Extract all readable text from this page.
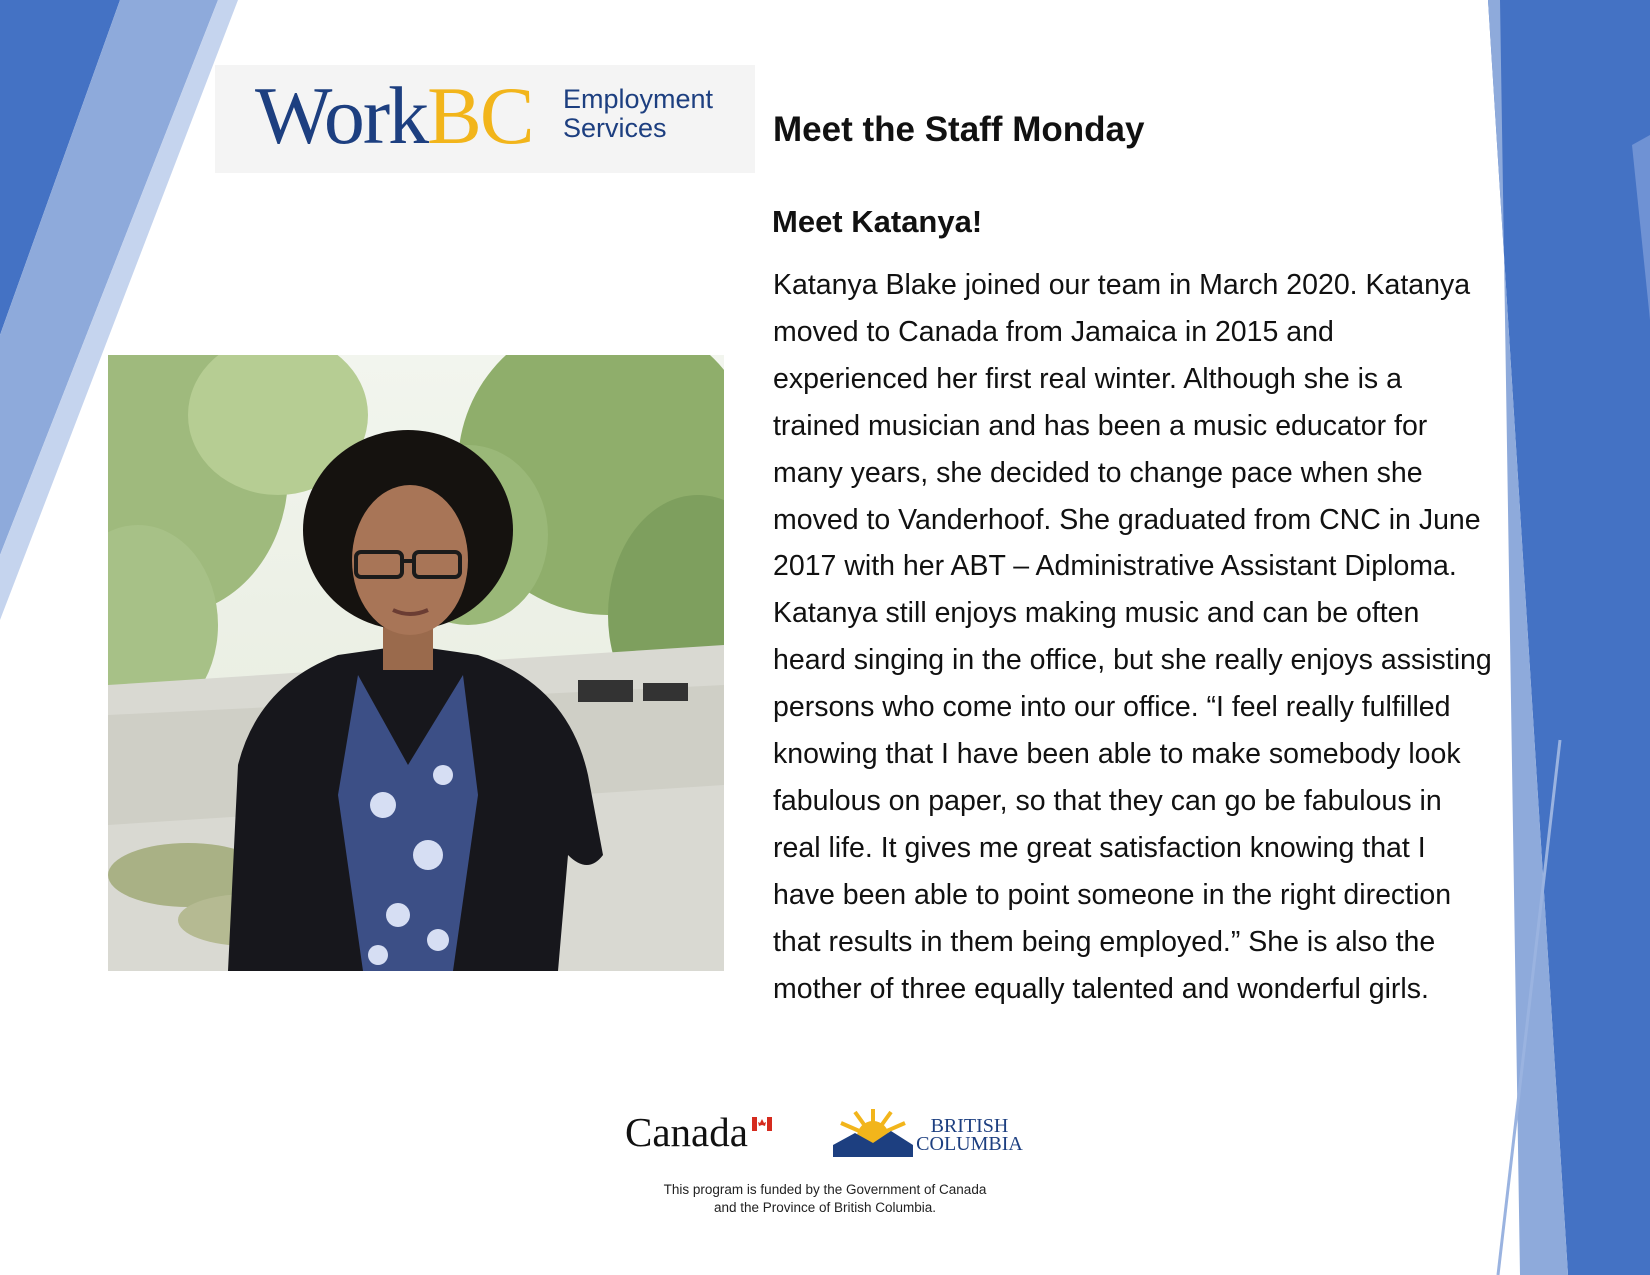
WorkBC Employment
Services	Meet the Staff Monday
Meet Katanya!

Katanya Blake joined our team in March 2020. Katanya moved to Canada from Jamaica in 2015 and experienced her first real winter. Although she is a trained musician and has been a music educator for many years, she decided to change pace when she moved to Vanderhoof. She graduated from CNC in June 2017 with her ABT – Administrative Assistant Diploma. Katanya still enjoys making music and can be often heard singing in the office, but she really enjoys assisting persons who come into our office. “I feel really fulfilled knowing that I have been able to make somebody look fabulous on paper, so that they can go be fabulous in real life. It gives me great satisfaction knowing that I have been able to point someone in the right direction that results in them being employed.” She is also the mother of three equally talented and wonderful girls.

Canada	BRITISH
COLUMBIA

This program is funded by the Government of Canada
and the Province of British Columbia.
